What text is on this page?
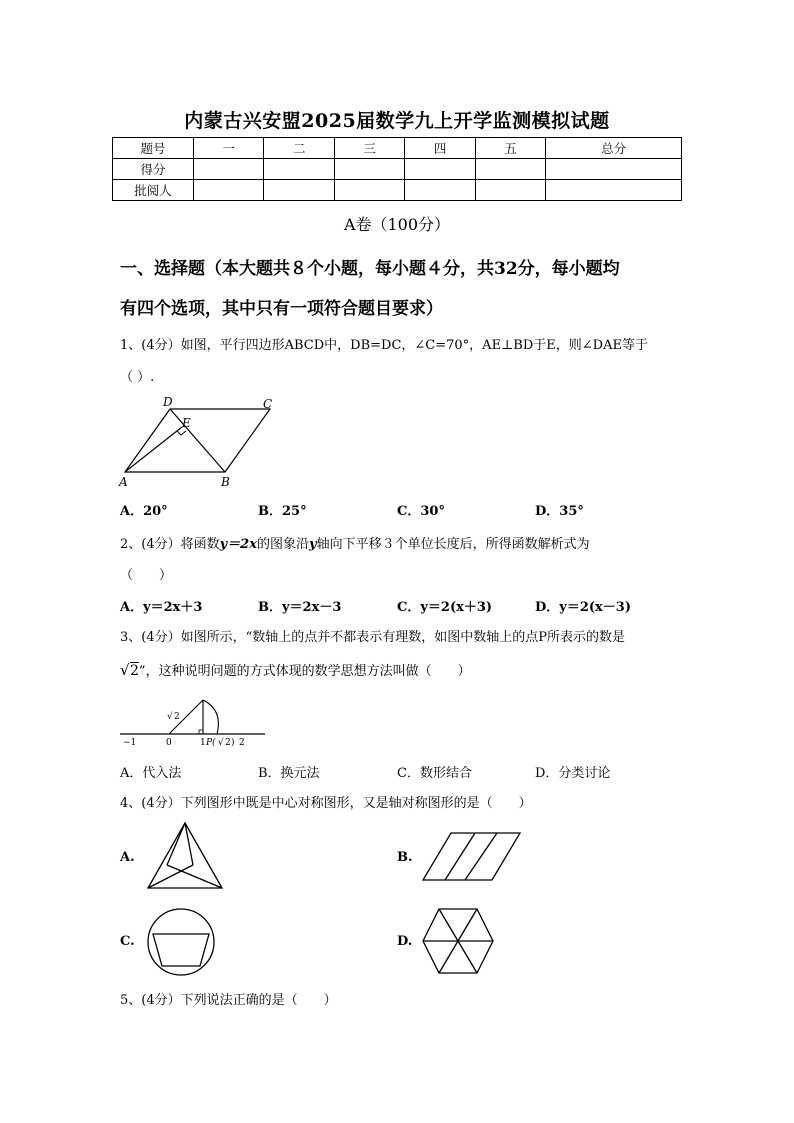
内蒙古兴安盟2025届数学九上开学监测模拟试题
题号	一	二	三	四	五	总分
得分						
批阅人						
A卷（100分）
一、选择题（本大题共８个小题，每小题４分，共32分，每小题均
有四个选项，其中只有一项符合题目要求）
1、(4分）如图，平行四边形ABCD中，DB=DC，∠C=70°，AE⊥BD于E，则∠DAE等于
（ ）.
D	C
E
A	B
A．20°	B．25°	C．30°	D．35°
2、(4分）将函数y＝2x的图象沿y轴向下平移３个单位长度后，所得函数解析式为
（　　）
A．y＝2x＋3	B．y＝2x－3	C．y＝2(x＋3)	D．y＝2(x－3)
3、(4分）如图所示，“数轴上的点并不都表示有理数，如图中数轴上的点P所表示的数是
√ 2”，这种说明问题的方式体现的数学思想方法叫做（　　）
√ 2
−1	0	1 P( √ 2 ) 2
A．代入法	B．换元法	C．数形结合	D．分类讨论
4、(4分）下列图形中既是中心对称图形，又是轴对称图形的是（　　）
A.	B.
C.	D.
5、(4分）下列说法正确的是（　　）
